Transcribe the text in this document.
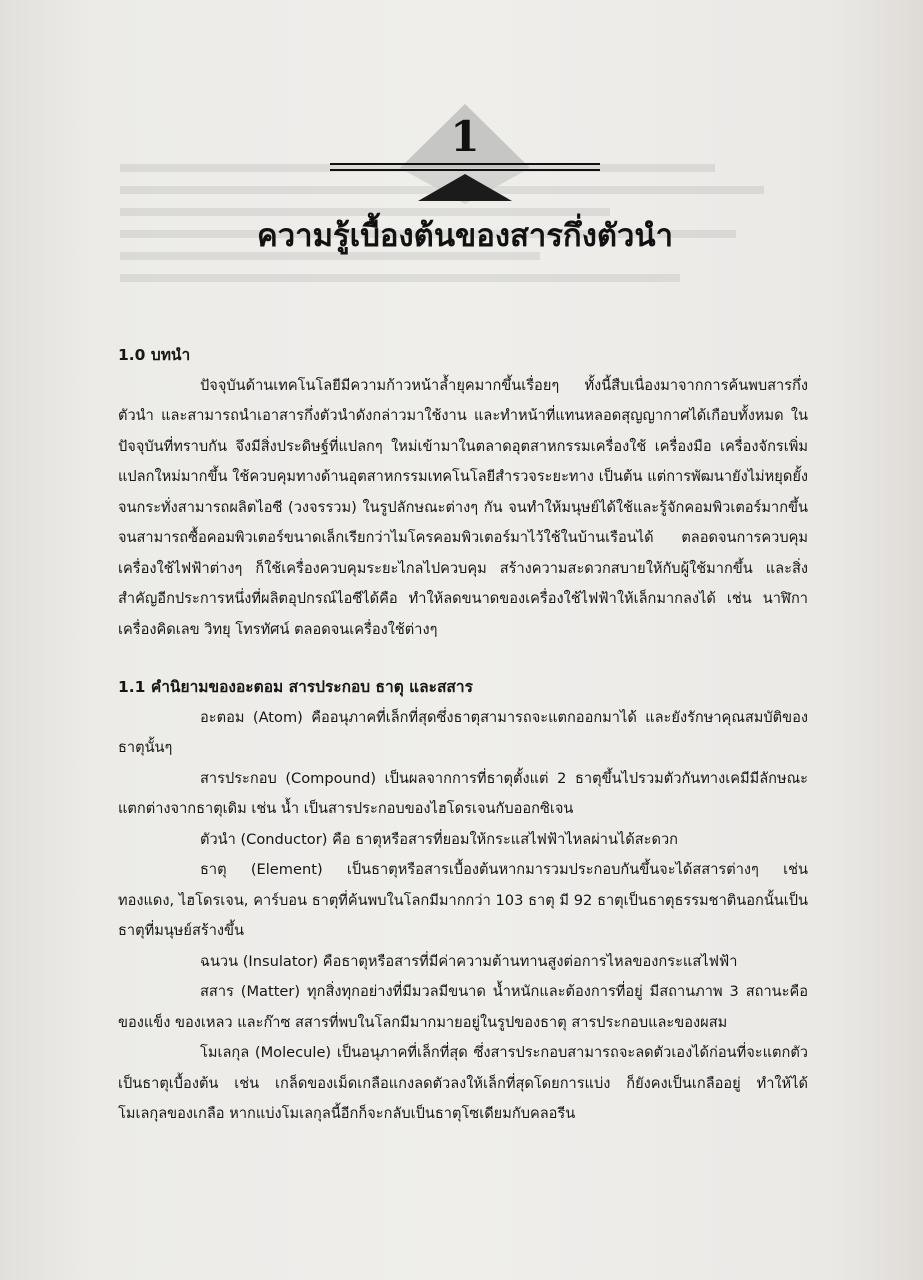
1
ความรู้เบื้องต้นของสารกึ่งตัวนำ
1.0 บทนำ

ปัจจุบันด้านเทคโนโลยีมีความก้าวหน้าล้ำยุคมากขึ้นเรื่อยๆ ทั้งนี้สืบเนื่องมาจากการค้นพบสารกึ่งตัวนำ และสามารถนำเอาสารกึ่งตัวนำดังกล่าวมาใช้งาน และทำหน้าที่แทนหลอดสุญญากาศได้เกือบทั้งหมด ในปัจจุบันที่ทราบกัน จึงมีสิ่งประดิษฐ์ที่แปลกๆ ใหม่เข้ามาในตลาดอุตสาหกรรมเครื่องใช้ เครื่องมือ เครื่องจักรเพิ่มแปลกใหม่มากขึ้น ใช้ควบคุมทางด้านอุตสาหกรรมเทคโนโลยีสำรวจระยะทาง เป็นต้น แต่การพัฒนายังไม่หยุดยั้ง จนกระทั่งสามารถผลิตไอซี (วงจรรวม) ในรูปลักษณะต่างๆ กัน จนทำให้มนุษย์ได้ใช้และรู้จักคอมพิวเตอร์มากขึ้น จนสามารถซื้อคอมพิวเตอร์ขนาดเล็กเรียกว่าไมโครคอมพิวเตอร์มาไว้ใช้ในบ้านเรือนได้ ตลอดจนการควบคุมเครื่องใช้ไฟฟ้าต่างๆ ก็ใช้เครื่องควบคุมระยะไกลไปควบคุม สร้างความสะดวกสบายให้กับผู้ใช้มากขึ้น และสิ่งสำคัญอีกประการหนึ่งที่ผลิตอุปกรณ์ไอซีได้คือ ทำให้ลดขนาดของเครื่องใช้ไฟฟ้าให้เล็กมากลงได้ เช่น นาฬิกา เครื่องคิดเลข วิทยุ โทรทัศน์ ตลอดจนเครื่องใช้ต่างๆ

1.1 คำนิยามของอะตอม สารประกอบ ธาตุ และสสาร

อะตอม (Atom) คืออนุภาคที่เล็กที่สุดซึ่งธาตุสามารถจะแตกออกมาได้ และยังรักษาคุณสมบัติของธาตุนั้นๆ

สารประกอบ (Compound) เป็นผลจากการที่ธาตุตั้งแต่ 2 ธาตุขึ้นไปรวมตัวกันทางเคมีมีลักษณะแตกต่างจากธาตุเดิม เช่น น้ำ เป็นสารประกอบของไฮโดรเจนกับออกซิเจน

ตัวนำ (Conductor) คือ ธาตุหรือสารที่ยอมให้กระแสไฟฟ้าไหลผ่านได้สะดวก

ธาตุ (Element) เป็นธาตุหรือสารเบื้องต้นหากมารวมประกอบกันขึ้นจะได้สสารต่างๆ เช่น ทองแดง, ไฮโดรเจน, คาร์บอน ธาตุที่ค้นพบในโลกมีมากกว่า 103 ธาตุ มี 92 ธาตุเป็นธาตุธรรมชาตินอกนั้นเป็นธาตุที่มนุษย์สร้างขึ้น

ฉนวน (Insulator) คือธาตุหรือสารที่มีค่าความต้านทานสูงต่อการไหลของกระแสไฟฟ้า

สสาร (Matter) ทุกสิ่งทุกอย่างที่มีมวลมีขนาด น้ำหนักและต้องการที่อยู่ มีสถานภาพ 3 สถานะคือของแข็ง ของเหลว และก๊าซ สสารที่พบในโลกมีมากมายอยู่ในรูปของธาตุ สารประกอบและของผสม

โมเลกุล (Molecule) เป็นอนุภาคที่เล็กที่สุด ซึ่งสารประกอบสามารถจะลดตัวเองได้ก่อนที่จะแตกตัวเป็นธาตุเบื้องต้น เช่น เกล็ดของเม็ดเกลือแกงลดตัวลงให้เล็กที่สุดโดยการแบ่ง ก็ยังคงเป็นเกลืออยู่ ทำให้ได้โมเลกุลของเกลือ หากแบ่งโมเลกุลนี้อีกก็จะกลับเป็นธาตุโซเดียมกับคลอรีน
